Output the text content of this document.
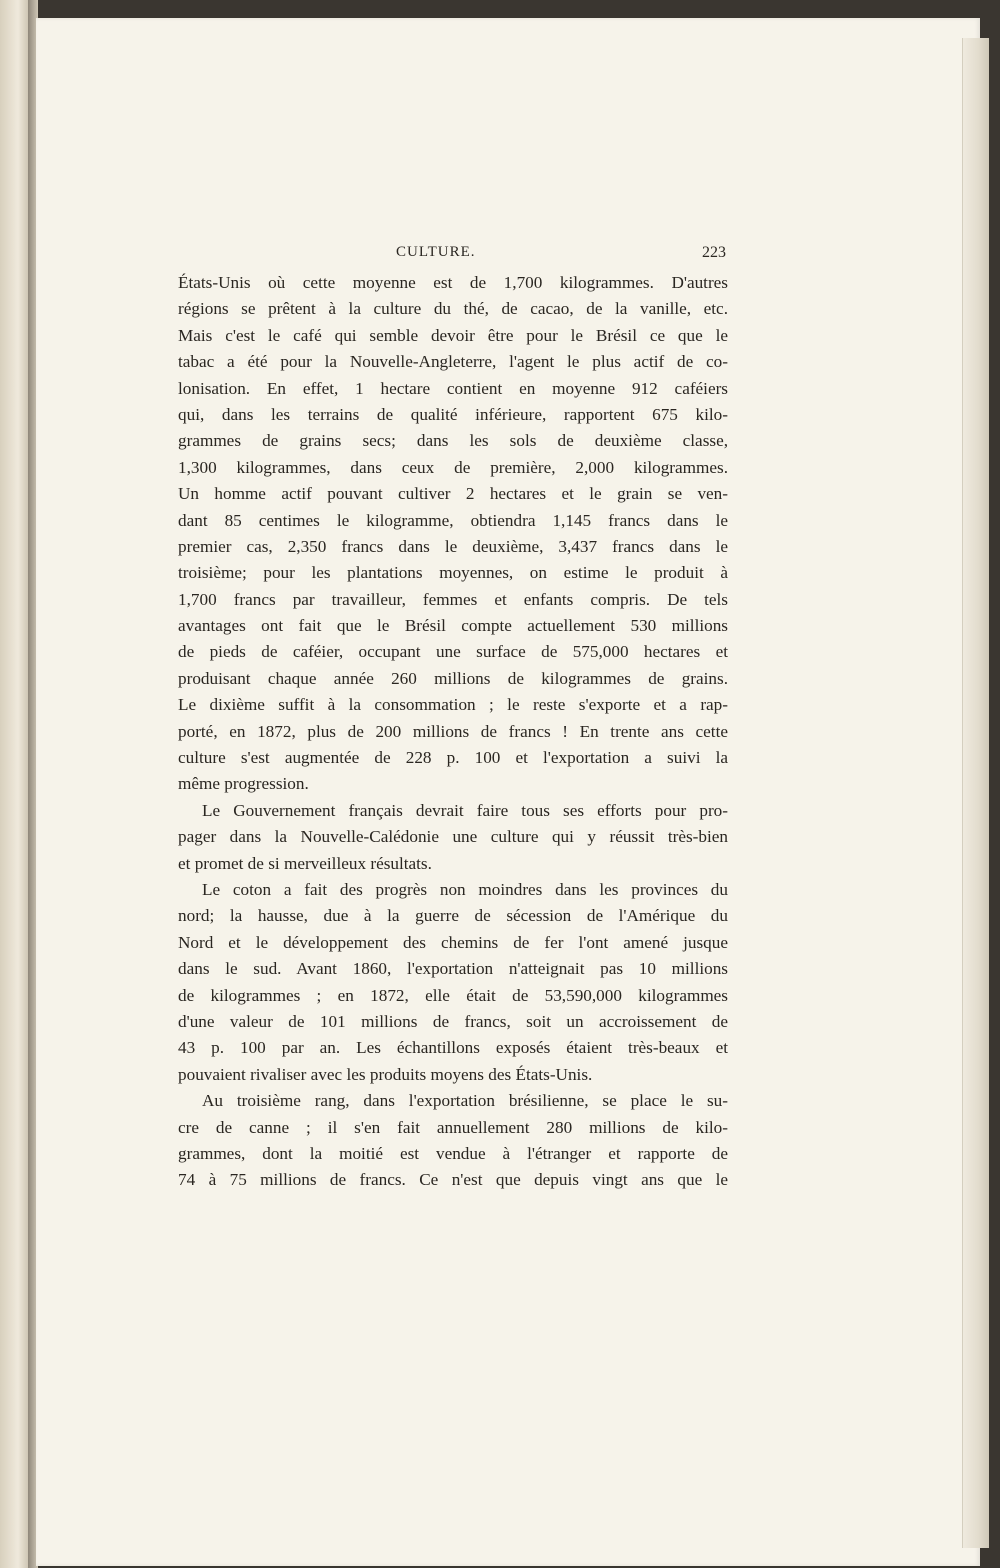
CULTURE.	223
États-Unis où cette moyenne est de 1,700 kilogrammes. D'autres
régions se prêtent à la culture du thé, de cacao, de la vanille, etc.
Mais c'est le café qui semble devoir être pour le Brésil ce que le
tabac a été pour la Nouvelle-Angleterre, l'agent le plus actif de co-
lonisation. En effet, 1 hectare contient en moyenne 912 caféiers
qui, dans les terrains de qualité inférieure, rapportent 675 kilo-
grammes de grains secs; dans les sols de deuxième classe,
1,300 kilogrammes, dans ceux de première, 2,000 kilogrammes.
Un homme actif pouvant cultiver 2 hectares et le grain se ven-
dant 85 centimes le kilogramme, obtiendra 1,145 francs dans le
premier cas, 2,350 francs dans le deuxième, 3,437 francs dans le
troisième; pour les plantations moyennes, on estime le produit à
1,700 francs par travailleur, femmes et enfants compris. De tels
avantages ont fait que le Brésil compte actuellement 530 millions
de pieds de caféier, occupant une surface de 575,000 hectares et
produisant chaque année 260 millions de kilogrammes de grains.
Le dixième suffit à la consommation ; le reste s'exporte et a rap-
porté, en 1872, plus de 200 millions de francs ! En trente ans cette
culture s'est augmentée de 228 p. 100 et l'exportation a suivi la
même progression.
Le Gouvernement français devrait faire tous ses efforts pour pro-
pager dans la Nouvelle-Calédonie une culture qui y réussit très-bien
et promet de si merveilleux résultats.
Le coton a fait des progrès non moindres dans les provinces du
nord; la hausse, due à la guerre de sécession de l'Amérique du
Nord et le développement des chemins de fer l'ont amené jusque
dans le sud. Avant 1860, l'exportation n'atteignait pas 10 millions
de kilogrammes ; en 1872, elle était de 53,590,000 kilogrammes
d'une valeur de 101 millions de francs, soit un accroissement de
43 p. 100 par an. Les échantillons exposés étaient très-beaux et
pouvaient rivaliser avec les produits moyens des États-Unis.
Au troisième rang, dans l'exportation brésilienne, se place le su-
cre de canne ; il s'en fait annuellement 280 millions de kilo-
grammes, dont la moitié est vendue à l'étranger et rapporte de
74 à 75 millions de francs. Ce n'est que depuis vingt ans que le
